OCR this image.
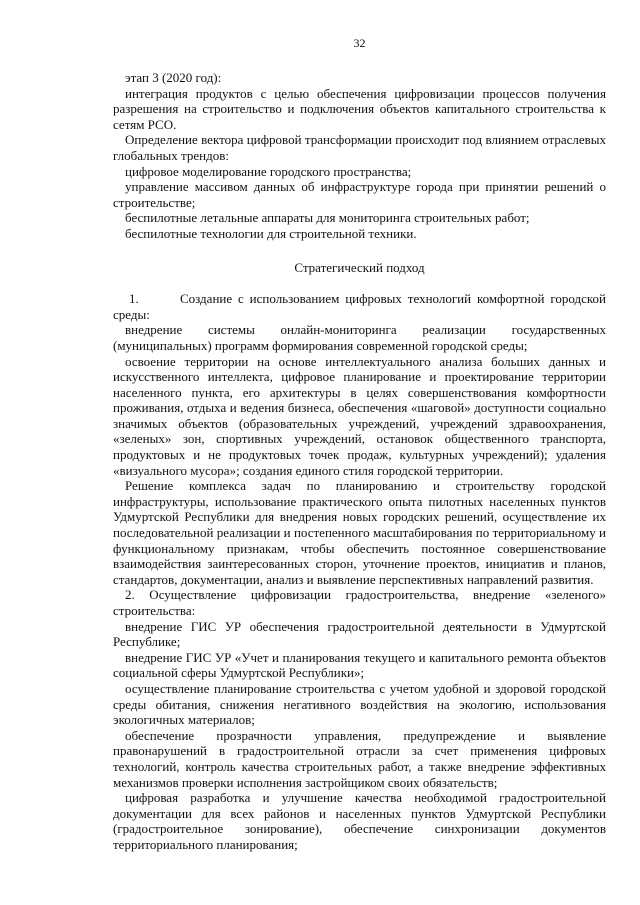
32

этап 3 (2020 год):

интеграция продуктов с целью обеспечения цифровизации процессов получения разрешения на строительство и подключения объектов капитального строительства к сетям РСО.

Определение вектора цифровой трансформации происходит под влиянием отраслевых глобальных трендов:

цифровое моделирование городского пространства;

управление массивом данных об инфраструктуре города при принятии решений о строительстве;

беспилотные летальные аппараты для мониторинга строительных работ;

беспилотные технологии для строительной техники.

Стратегический подход

1.       Создание с использованием цифровых технологий комфортной городской среды:

внедрение системы онлайн-мониторинга реализации государственных (муниципальных) программ формирования современной городской среды;

освоение территории на основе интеллектуального анализа больших данных и искусственного интеллекта, цифровое планирование и проектирование территории населенного пункта, его архитектуры в целях совершенствования комфортности проживания, отдыха и ведения бизнеса, обеспечения «шаговой» доступности социально значимых объектов (образовательных учреждений, учреждений здравоохранения, «зеленых» зон, спортивных учреждений, остановок общественного транспорта, продуктовых и не продуктовых точек продаж, культурных учреждений); удаления «визуального мусора»; создания единого стиля городской территории.

Решение комплекса задач по планированию и строительству городской инфраструктуры, использование практического опыта пилотных населенных пунктов Удмуртской Республики для внедрения новых городских решений, осуществление их последовательной реализации и постепенного масштабирования по территориальному и функциональному признакам, чтобы обеспечить постоянное совершенствование взаимодействия заинтересованных сторон, уточнение проектов, инициатив и планов, стандартов, документации, анализ и выявление перспективных направлений развития.

2. Осуществление цифровизации градостроительства, внедрение «зеленого» строительства:

внедрение ГИС УР обеспечения градостроительной деятельности в Удмуртской Республике;

внедрение ГИС УР «Учет и планирования текущего и капитального ремонта объектов социальной сферы Удмуртской Республики»;

осуществление планирование строительства с учетом удобной и здоровой городской среды обитания, снижения негативного воздействия на экологию, использования экологичных материалов;

обеспечение прозрачности управления, предупреждение и выявление правонарушений в градостроительной отрасли за счет применения цифровых технологий, контроль качества строительных работ, а также внедрение эффективных механизмов проверки исполнения застройщиком своих обязательств;

цифровая разработка и улучшение качества необходимой градостроительной документации для всех районов и населенных пунктов Удмуртской Республики (градостроительное зонирование), обеспечение синхронизации документов территориального планирования;
